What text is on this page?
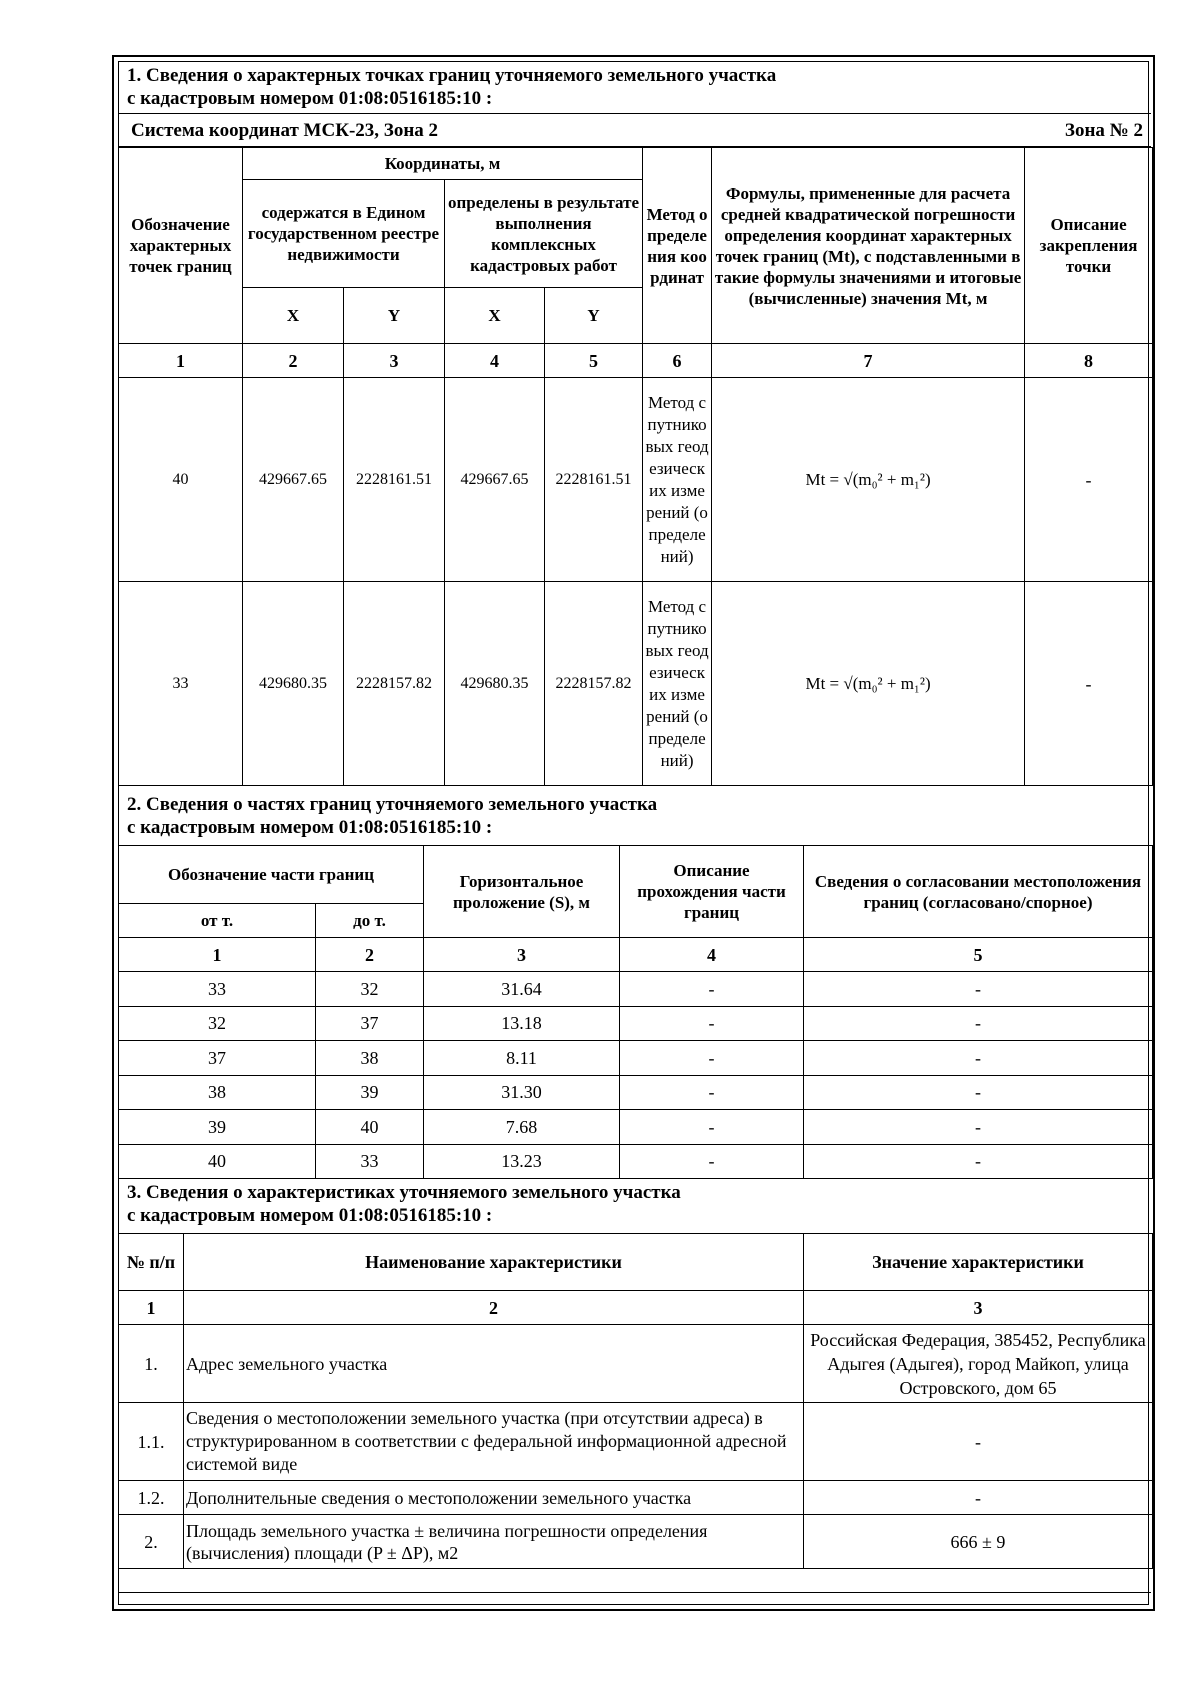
1. Сведения о характерных точках границ уточняемого земельного участка
с кадастровым номером 01:08:0516185:10 :
Система координат МСК-23, Зона 2	Зона № 2
Обозначение характерных точек границ	Координаты, м				Метод определения координат	Формулы, примененные для расчета средней квадратической погрешности определения координат характерных точек границ (Mt), с подставленными в такие формулы значениями и итоговые (вычисленные) значения Mt, м	Описание закрепления точки
	содержатся в Едином государственном реестре недвижимости		определены в результате выполнения комплексных кадастровых работ				
	X	Y	X	Y			
1	2	3	4	5	6	7	8
40	429667.65	2228161.51	429667.65	2228161.51	Метод спутниковых геодезических измерений (определений)	Mt = √(m₀² + m₁²)	-
33	429680.35	2228157.82	429680.35	2228157.82	Метод спутниковых геодезических измерений (определений)	Mt = √(m₀² + m₁²)	-
2. Сведения о частях границ уточняемого земельного участка
с кадастровым номером 01:08:0516185:10 :
Обозначение части границ		Горизонтальное проложение (S), м	Описание прохождения части границ	Сведения о согласовании местоположения границ (согласовано/спорное)
от т.	до т.			
1	2	3	4	5
33	32	31.64	-	-
32	37	13.18	-	-
37	38	8.11	-	-
38	39	31.30	-	-
39	40	7.68	-	-
40	33	13.23	-	-
3. Сведения о характеристиках уточняемого земельного участка
с кадастровым номером 01:08:0516185:10 :
№ п/п	Наименование характеристики	Значение характеристики
1	2	3
1.	Адрес земельного участка	Российская Федерация, 385452, Республика Адыгея (Адыгея), город Майкоп, улица Островского, дом 65
1.1.	Сведения о местоположении земельного участка (при отсутствии адреса) в структурированном в соответствии с федеральной информационной адресной системой виде	-
1.2.	Дополнительные сведения о местоположении земельного участка	-
2.	Площадь земельного участка ± величина погрешности определения (вычисления) площади (P ± ΔP), м2	666 ± 9
